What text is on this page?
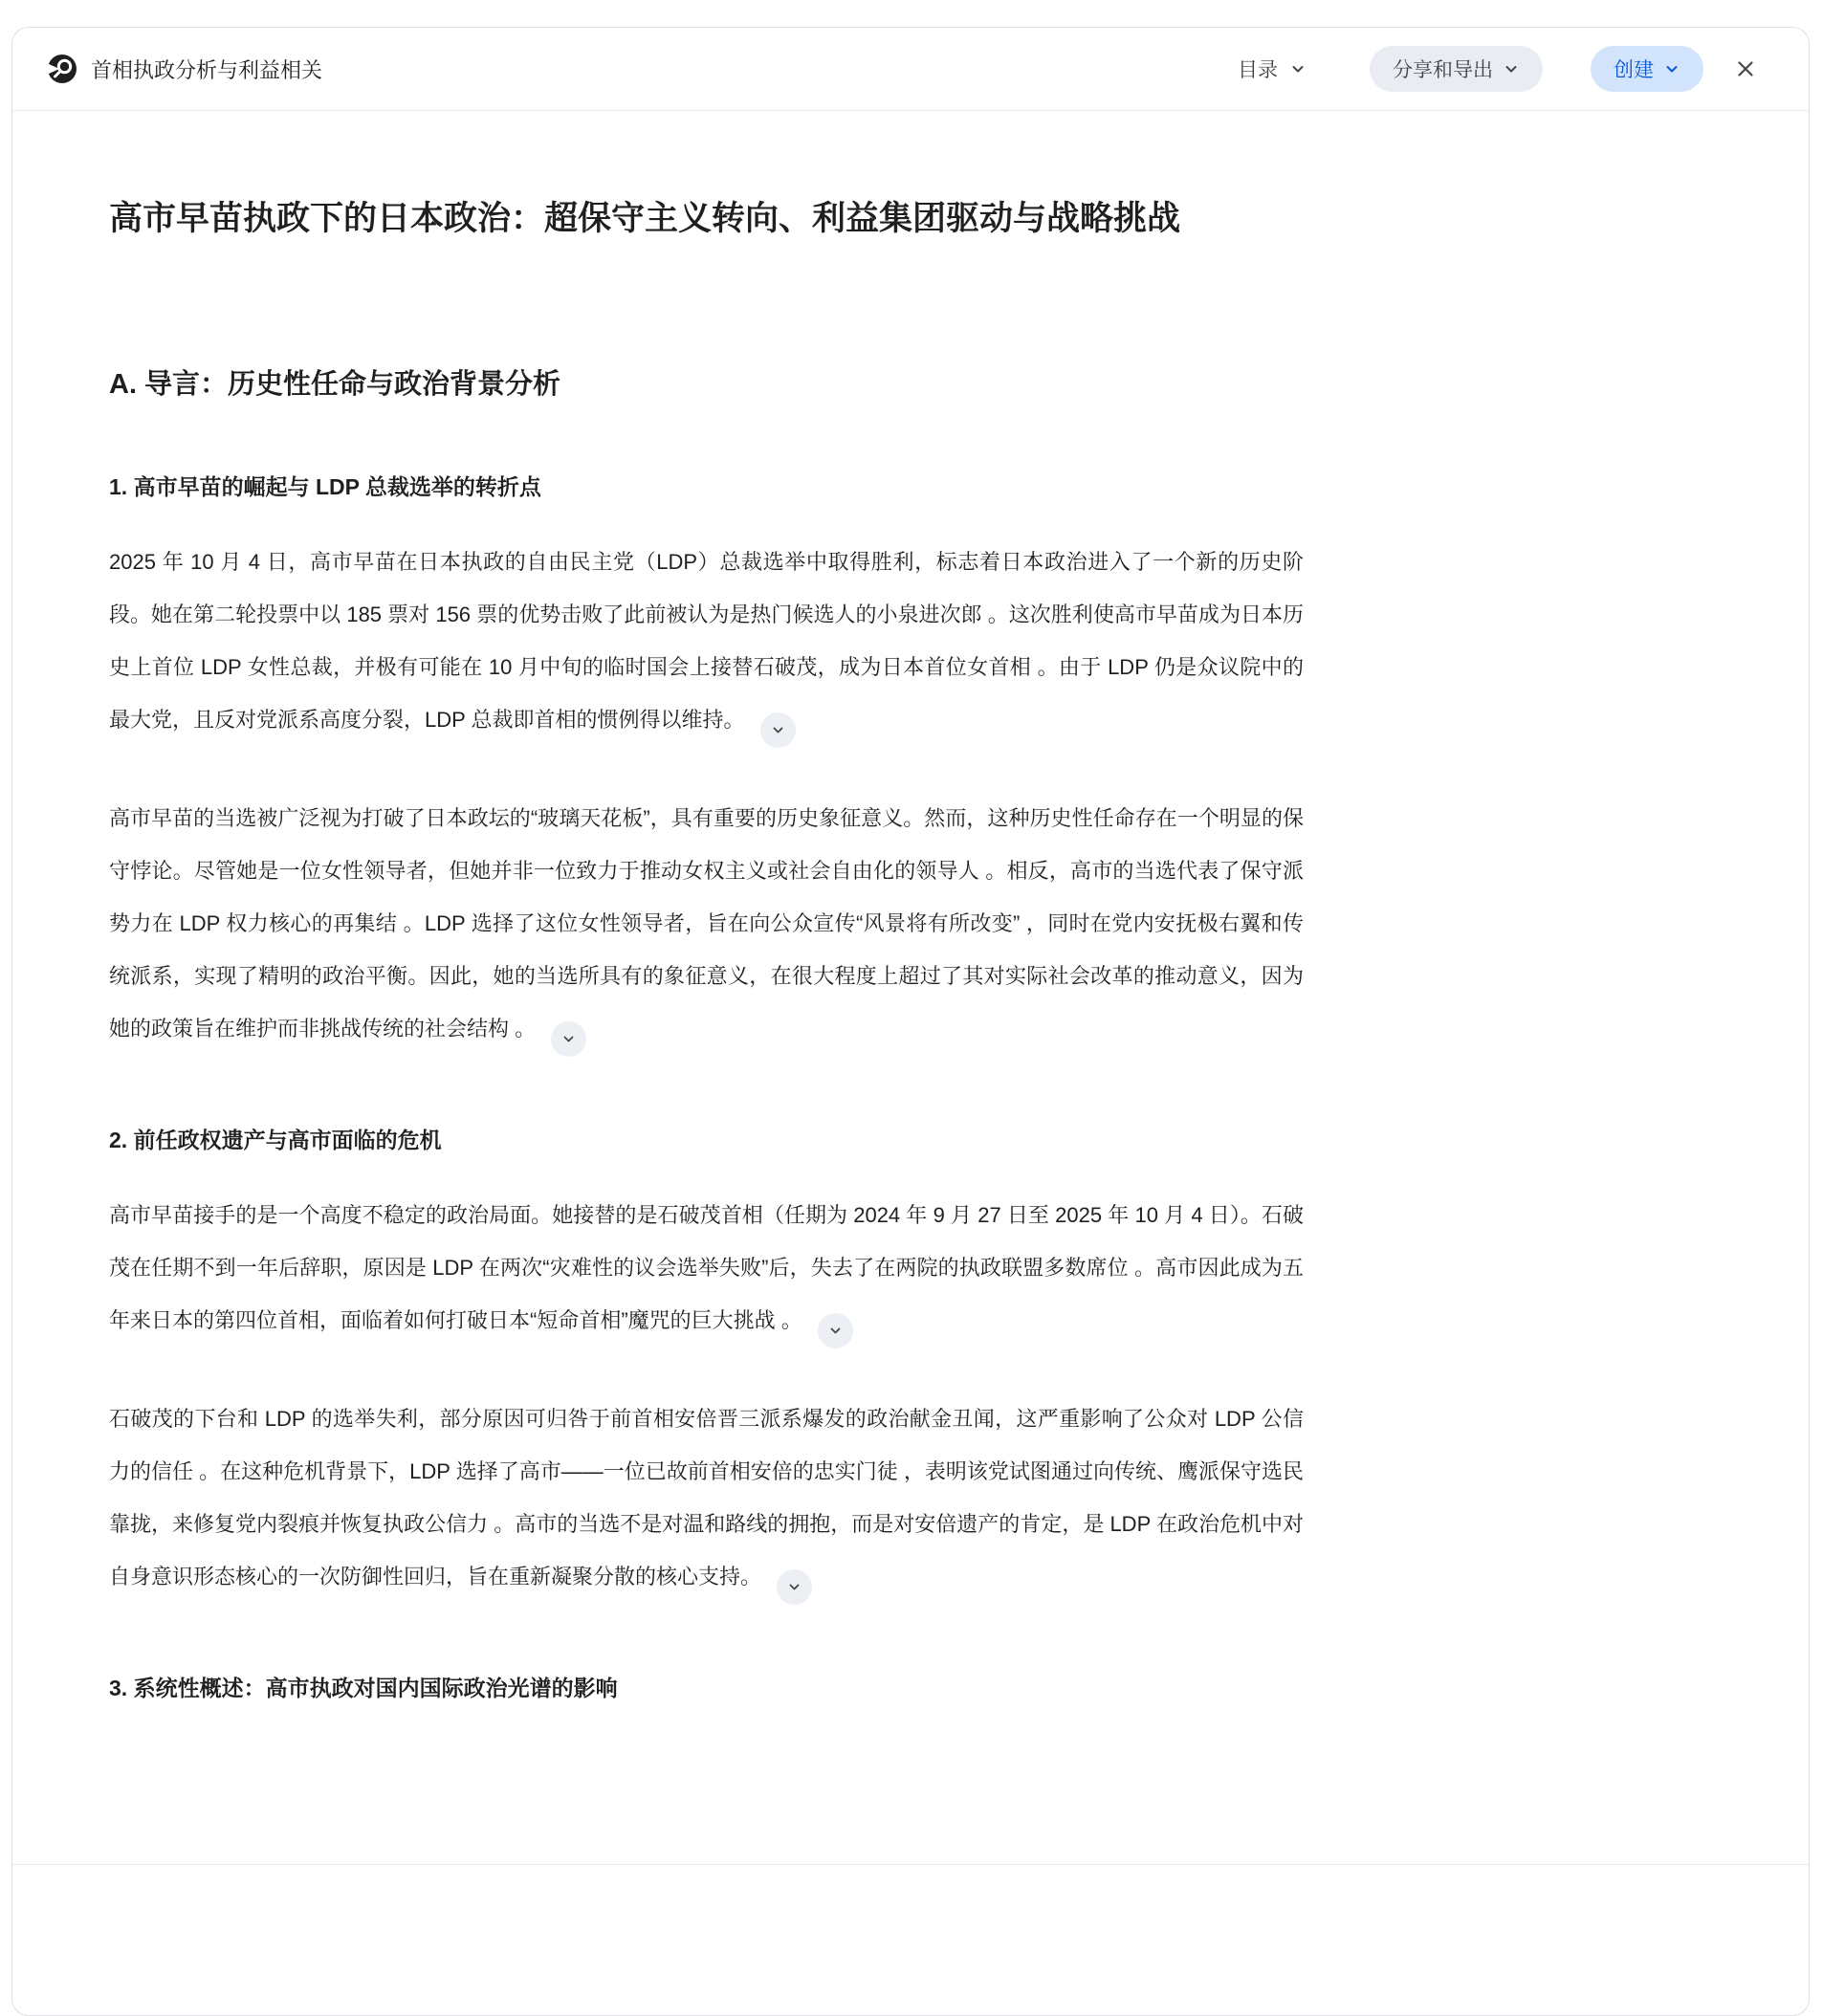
首相执政分析与利益相关	目录	分享和导出	创建
高市早苗执政下的日本政治：超保守主义转向、利益集团驱动与战略挑战
A. 导言：历史性任命与政治背景分析
1. 高市早苗的崛起与 LDP 总裁选举的转折点

2025 年 10 月 4 日，高市早苗在日本执政的自由民主党（LDP）总裁选举中取得胜利，标志着日本政治进入了一个新的历史阶段。她在第二轮投票中以 185 票对 156 票的优势击败了此前被认为是热门候选人的小泉进次郎 。这次胜利使高市早苗成为日本历史上首位 LDP 女性总裁，并极有可能在 10 月中旬的临时国会上接替石破茂，成为日本首位女首相 。由于 LDP 仍是众议院中的最大党，且反对党派系高度分裂，LDP 总裁即首相的惯例得以维持。

高市早苗的当选被广泛视为打破了日本政坛的“玻璃天花板”，具有重要的历史象征意义。然而，这种历史性任命存在一个明显的保守悖论。尽管她是一位女性领导者，但她并非一位致力于推动女权主义或社会自由化的领导人 。相反，高市的当选代表了保守派势力在 LDP 权力核心的再集结 。LDP 选择了这位女性领导者，旨在向公众宣传“风景将有所改变” ，同时在党内安抚极右翼和传统派系，实现了精明的政治平衡。因此，她的当选所具有的象征意义，在很大程度上超过了其对实际社会改革的推动意义，因为她的政策旨在维护而非挑战传统的社会结构 。

2. 前任政权遗产与高市面临的危机

高市早苗接手的是一个高度不稳定的政治局面。她接替的是石破茂首相（任期为 2024 年 9 月 27 日至 2025 年 10 月 4 日）。石破茂在任期不到一年后辞职，原因是 LDP 在两次“灾难性的议会选举失败”后，失去了在两院的执政联盟多数席位 。高市因此成为五年来日本的第四位首相，面临着如何打破日本“短命首相”魔咒的巨大挑战 。

石破茂的下台和 LDP 的选举失利，部分原因可归咎于前首相安倍晋三派系爆发的政治献金丑闻，这严重影响了公众对 LDP 公信力的信任 。在这种危机背景下，LDP 选择了高市——一位已故前首相安倍的忠实门徒 ，表明该党试图通过向传统、鹰派保守选民靠拢，来修复党内裂痕并恢复执政公信力 。高市的当选不是对温和路线的拥抱，而是对安倍遗产的肯定，是 LDP 在政治危机中对自身意识形态核心的一次防御性回归，旨在重新凝聚分散的核心支持。

3. 系统性概述：高市执政对国内国际政治光谱的影响
